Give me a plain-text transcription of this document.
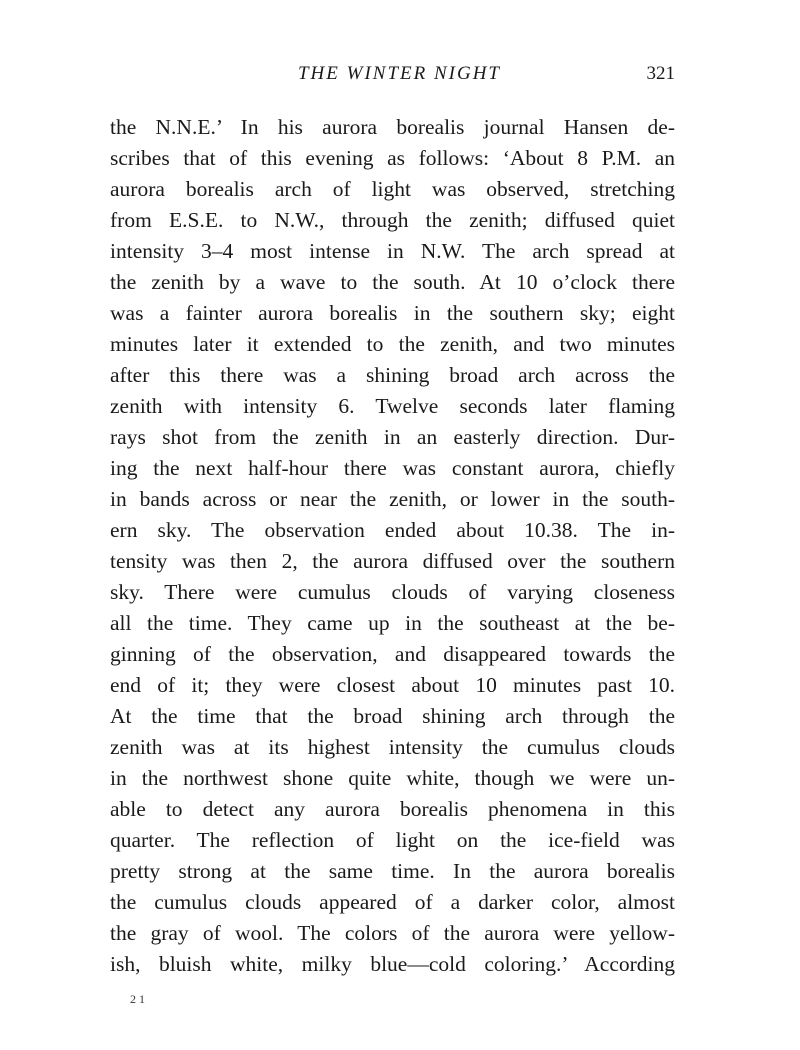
THE WINTER NIGHT	321
the N.N.E.’ In his aurora borealis journal Hansen de-
scribes that of this evening as follows: ‘About 8 P.M. an
aurora borealis arch of light was observed, stretching
from E.S.E. to N.W., through the zenith; diffused quiet
intensity 3–4 most intense in N.W. The arch spread at
the zenith by a wave to the south. At 10 o’clock there
was a fainter aurora borealis in the southern sky; eight
minutes later it extended to the zenith, and two minutes
after this there was a shining broad arch across the
zenith with intensity 6. Twelve seconds later flaming
rays shot from the zenith in an easterly direction. Dur-
ing the next half-hour there was constant aurora, chiefly
in bands across or near the zenith, or lower in the south-
ern sky. The observation ended about 10.38. The in-
tensity was then 2, the aurora diffused over the southern
sky. There were cumulus clouds of varying closeness
all the time. They came up in the southeast at the be-
ginning of the observation, and disappeared towards the
end of it; they were closest about 10 minutes past 10.
At the time that the broad shining arch through the
zenith was at its highest intensity the cumulus clouds
in the northwest shone quite white, though we were un-
able to detect any aurora borealis phenomena in this
quarter. The reflection of light on the ice-field was
pretty strong at the same time. In the aurora borealis
the cumulus clouds appeared of a darker color, almost
the gray of wool. The colors of the aurora were yellow-
ish, bluish white, milky blue—cold coloring.’ According
21
